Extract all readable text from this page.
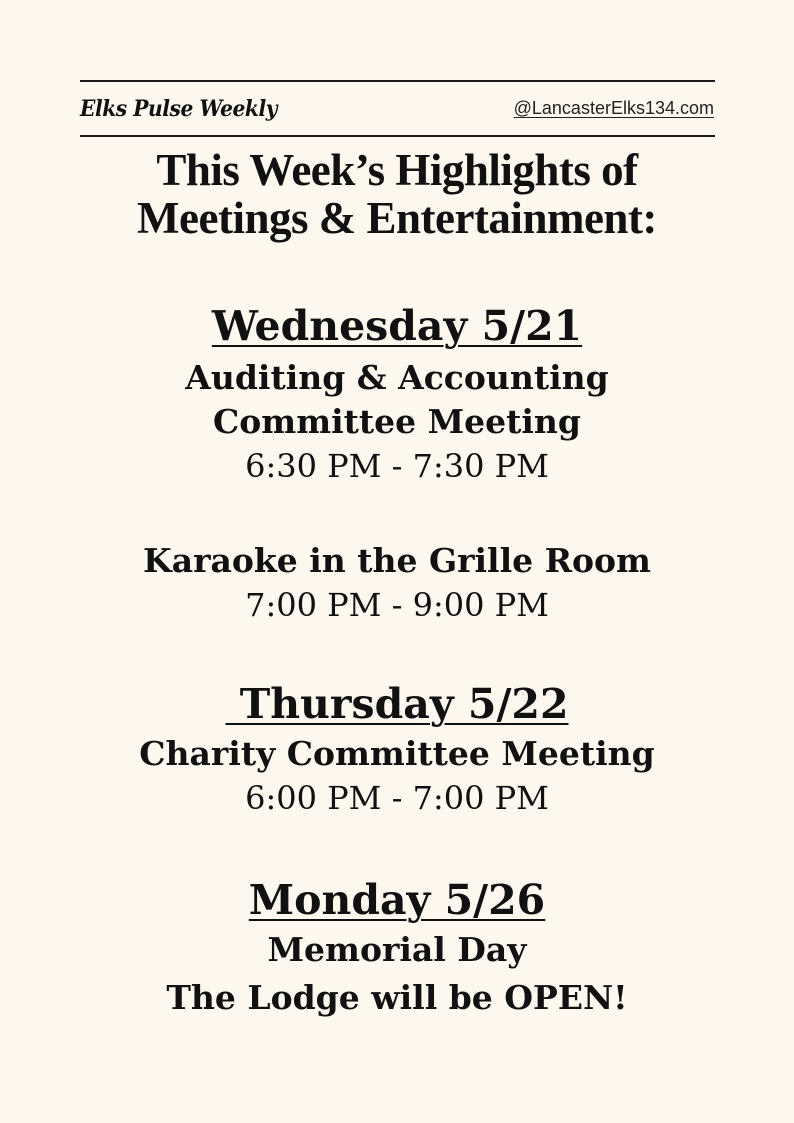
Elks Pulse Weekly	@LancasterElks134.com
This Week’s Highlights of
Meetings & Entertainment:
Wednesday 5/21
Auditing & Accounting
Committee Meeting
6:30 PM - 7:30 PM
Karaoke in the Grille Room
7:00 PM - 9:00 PM
Thursday 5/22
Charity Committee Meeting
6:00 PM - 7:00 PM
Monday 5/26
Memorial Day
The Lodge will be OPEN!
